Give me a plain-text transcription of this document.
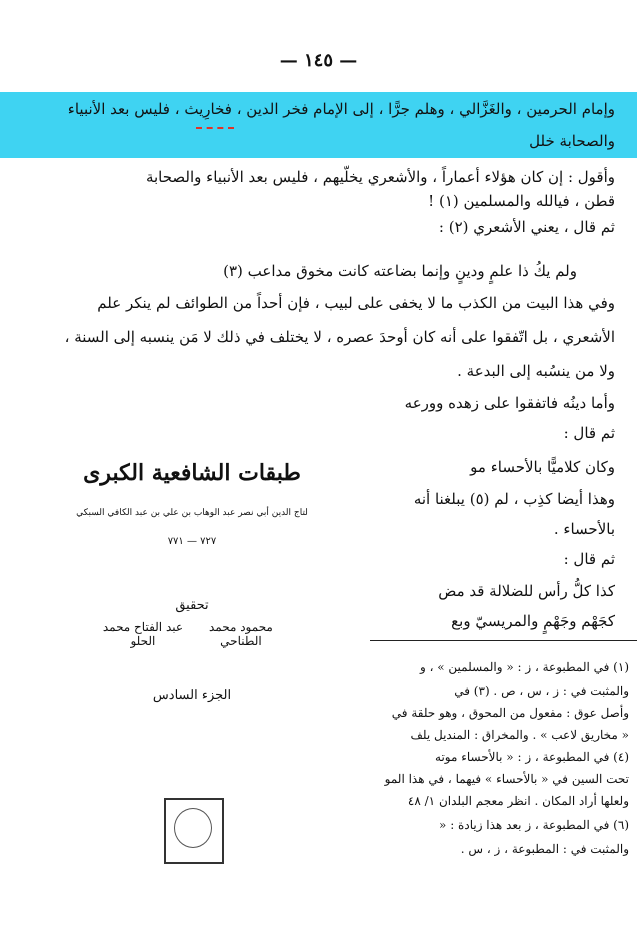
— ١٤٥ —
وإمام الحرمين ، والغَزَّالي ، وهلم جرًّا ، إلى الإمام فخر الدين ، فخارِيث ، فليس بعد الأنبياء
والصحابة خلل
وأقول : إن كان هؤلاء أعماراً ، والأشعري يخلّيهم ، فليس بعد الأنبياء والصحابة
قطن ، فيالله والمسلمين (١) !
ثم قال ، يعني الأشعري (٢) :
ولم يكُ ذا علمٍ ودينٍ وإنما بضاعته كانت مخوق مداعب (٣)
وفي هذا البيت من الكذب ما لا يخفى على لبيب ، فإن أحداً من الطوائف لم ينكر علم
الأشعري ، بل اتّفقوا على أنه كان أوحدَ عصره ، لا يختلف في ذلك لا مَن ينسبه إلى السنة ،
ولا من ينسُبه إلى البدعة .
وأما دينُه فاتفقوا على زهده وورعه
ثم قال :
وكان كلاميًّا بالأحساء مو
وهذا أيضا كذِب ، لم (٥) يبلغنا أنه
بالأحساء .
ثم قال :
كذا كلُّ رأس للضلالة قد مض
كجَهْم وجَهْمٍ والمريسيّ وبع
طبقات الشافعية الكبرى
لتاج الدين أبي نصر عبد الوهاب بن علي بن عبد الكافي السبكي
٧٢٧ — ٧٧١
تحقيق
محمود محمد الطناحي
عبد الفتاح محمد الحلو
الجزء السادس
(١) في المطبوعة ، ز : « والمسلمين » ، و
والمثبت في : ز ، س ، ص . (٣) في
وأصل عوق : مفعول من المحوق ، وهو حلقة في
« مخاريق لاعب » . والمخراق : المنديل يلف
(٤) في المطبوعة ، ز : « بالأحساء موته
تحت السين في « بالأحساء » فيهما ، في هذا المو
ولعلها أراد المكان . انظر معجم البلدان ١/ ٤٨
(٦) في المطبوعة ، ز بعد هذا زيادة : «
والمثبت في : المطبوعة ، ز ، س .
